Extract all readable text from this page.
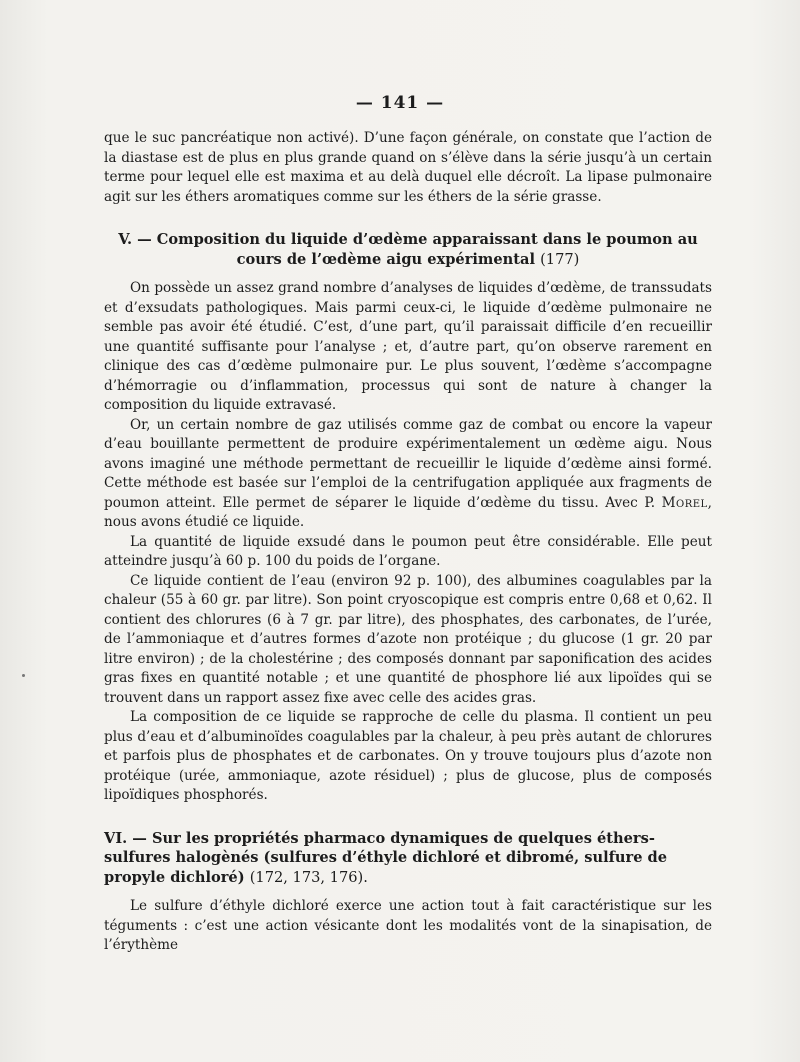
— 141 —

que le suc pancréatique non activé). D’une façon générale, on constate que l’action de la diastase est de plus en plus grande quand on s’élève dans la série jusqu’à un certain terme pour lequel elle est maxima et au delà duquel elle décroît. La lipase pulmonaire agit sur les éthers aromatiques comme sur les éthers de la série grasse.

V. — Composition du liquide d’œdème apparaissant dans le poumon au cours de l’œdème aigu expérimental (177)

On possède un assez grand nombre d’analyses de liquides d’œdème, de transsudats et d’exsudats pathologiques. Mais parmi ceux-ci, le liquide d’œdème pulmonaire ne semble pas avoir été étudié. C’est, d’une part, qu’il paraissait difficile d’en recueillir une quantité suffisante pour l’analyse ; et, d’autre part, qu’on observe rarement en clinique des cas d’œdème pulmonaire pur. Le plus souvent, l’œdème s’accompagne d’hémorragie ou d’inflammation, processus qui sont de nature à changer la composition du liquide extravasé.

Or, un certain nombre de gaz utilisés comme gaz de combat ou encore la vapeur d’eau bouillante permettent de produire expérimentalement un œdème aigu. Nous avons imaginé une méthode permettant de recueillir le liquide d’œdème ainsi formé. Cette méthode est basée sur l’emploi de la centrifugation appliquée aux fragments de poumon atteint. Elle permet de séparer le liquide d’œdème du tissu. Avec P. Morel, nous avons étudié ce liquide.

La quantité de liquide exsudé dans le poumon peut être considérable. Elle peut atteindre jusqu’à 60 p. 100 du poids de l’organe.

Ce liquide contient de l’eau (environ 92 p. 100), des albumines coagulables par la chaleur (55 à 60 gr. par litre). Son point cryoscopique est compris entre 0,68 et 0,62. Il contient des chlorures (6 à 7 gr. par litre), des phosphates, des carbonates, de l’urée, de l’ammoniaque et d’autres formes d’azote non protéique ; du glucose (1 gr. 20 par litre environ) ; de la cholestérine ; des composés donnant par saponification des acides gras fixes en quantité notable ; et une quantité de phosphore lié aux lipoïdes qui se trouvent dans un rapport assez fixe avec celle des acides gras.

La composition de ce liquide se rapproche de celle du plasma. Il contient un peu plus d’eau et d’albuminoïdes coagulables par la chaleur, à peu près autant de chlorures et parfois plus de phosphates et de carbonates. On y trouve toujours plus d’azote non protéique (urée, ammoniaque, azote résiduel) ; plus de glucose, plus de composés lipoïdiques phosphorés.

VI. — Sur les propriétés pharmaco dynamiques de quelques éthers-sulfures halogènés (sulfures d’éthyle dichloré et dibromé, sulfure de propyle dichloré) (172, 173, 176).

Le sulfure d’éthyle dichloré exerce une action tout à fait caractéristique sur les téguments : c’est une action vésicante dont les modalités vont de la sinapisation, de l’érythème
